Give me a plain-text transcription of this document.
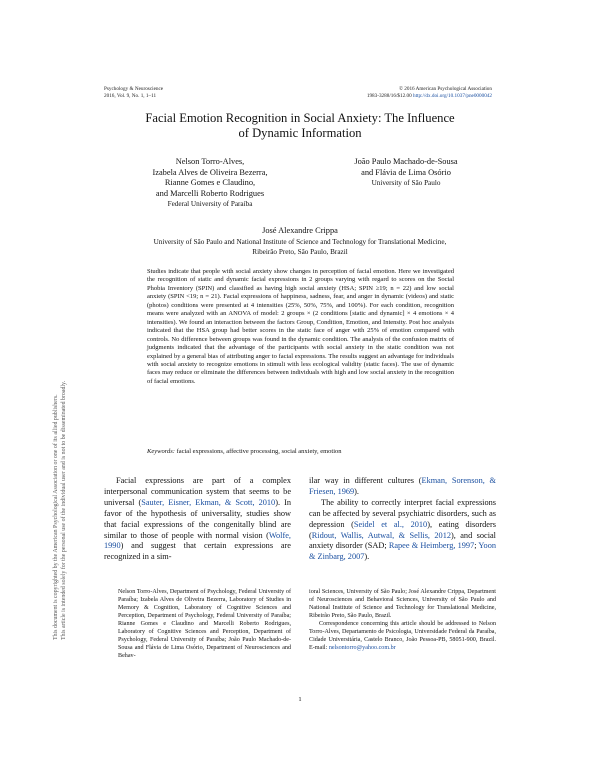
Psychology & Neuroscience
2016, Vol. 9, No. 1, 1–11
© 2016 American Psychological Association
1983-3288/16/$12.00 http://dx.doi.org/10.1037/pne0000042
Facial Emotion Recognition in Social Anxiety: The Influence
of Dynamic Information
Nelson Torro-Alves,
Izabela Alves de Oliveira Bezerra,
Rianne Gomes e Claudino,
and Marcelli Roberto Rodrigues
Federal University of Paraíba
João Paulo Machado-de-Sousa
and Flávia de Lima Osório
University of São Paulo
José Alexandre Crippa
University of São Paulo and National Institute of Science and Technology for Translational Medicine,
Ribeirão Preto, São Paulo, Brazil
Studies indicate that people with social anxiety show changes in perception of facial emotion. Here we investigated the recognition of static and dynamic facial expressions in 2 groups varying with regard to scores on the Social Phobia Inventory (SPIN) and classified as having high social anxiety (HSA; SPIN ≥19; n = 22) and low social anxiety (SPIN <19; n = 21). Facial expressions of happiness, sadness, fear, and anger in dynamic (videos) and static (photos) conditions were presented at 4 intensities (25%, 50%, 75%, and 100%). For each condition, recognition means were analyzed with an ANOVA of model: 2 groups × (2 conditions [static and dynamic] × 4 emotions × 4 intensities). We found an interaction between the factors Group, Condition, Emotion, and Intensity. Post hoc analysis indicated that the HSA group had better scores in the static face of anger with 25% of emotion compared with controls. No difference between groups was found in the dynamic condition. The analysis of the confusion matrix of judgments indicated that the advantage of the participants with social anxiety in the static condition was not explained by a general bias of attributing anger to facial expressions. The results suggest an advantage for individuals with social anxiety to recognize emotions in stimuli with less ecological validity (static faces). The use of dynamic faces may reduce or eliminate the differences between individuals with high and low social anxiety in the recognition of facial emotions.
Keywords: facial expressions, affective processing, social anxiety, emotion

Facial expressions are part of a complex interpersonal communication system that seems to be universal (Sauter, Eisner, Ekman, & Scott, 2010). In favor of the hypothesis of universality, studies show that facial expressions of the congenitally blind are similar to those of people with normal vision (Wolfe, 1990) and suggest that certain expressions are recognized in a sim-

ilar way in different cultures (Ekman, Sorenson, & Friesen, 1969).

The ability to correctly interpret facial expressions can be affected by several psychiatric disorders, such as depression (Seidel et al., 2010), eating disorders (Ridout, Wallis, Autwal, & Sellis, 2012), and social anxiety disorder (SAD; Rapee & Heimberg, 1997; Yoon & Zinbarg, 2007).

Nelson Torro-Alves, Department of Psychology, Federal University of Paraíba; Izabela Alves de Oliveira Bezerra, Laboratory of Studies in Memory & Cognition, Laboratory of Cognitive Sciences and Perception, Department of Psychology, Federal University of Paraíba; Rianne Gomes e Claudino and Marcelli Roberto Rodrigues, Laboratory of Cognitive Sciences and Perception, Department of Psychology, Federal University of Paraíba; João Paulo Machado-de-Sousa and Flávia de Lima Osório, Department of Neurosciences and Behav-
ioral Sciences, University of São Paulo; José Alexandre Crippa, Department of Neurosciences and Behavioral Sciences, University of São Paulo and National Institute of Science and Technology for Translational Medicine, Ribeirão Preto, São Paulo, Brazil.
Correspondence concerning this article should be addressed to Nelson Torro-Alves, Departamento de Psicologia, Universidade Federal da Paraíba, Cidade Universitária, Castelo Branco, João Pessoa-PB, 58051-900, Brazil. E-mail: nelsontorro@yahoo.com.br
1
This document is copyrighted by the American Psychological Association or one of its allied publishers. This article is intended solely for the personal use of the individual user and is not to be disseminated broadly.
